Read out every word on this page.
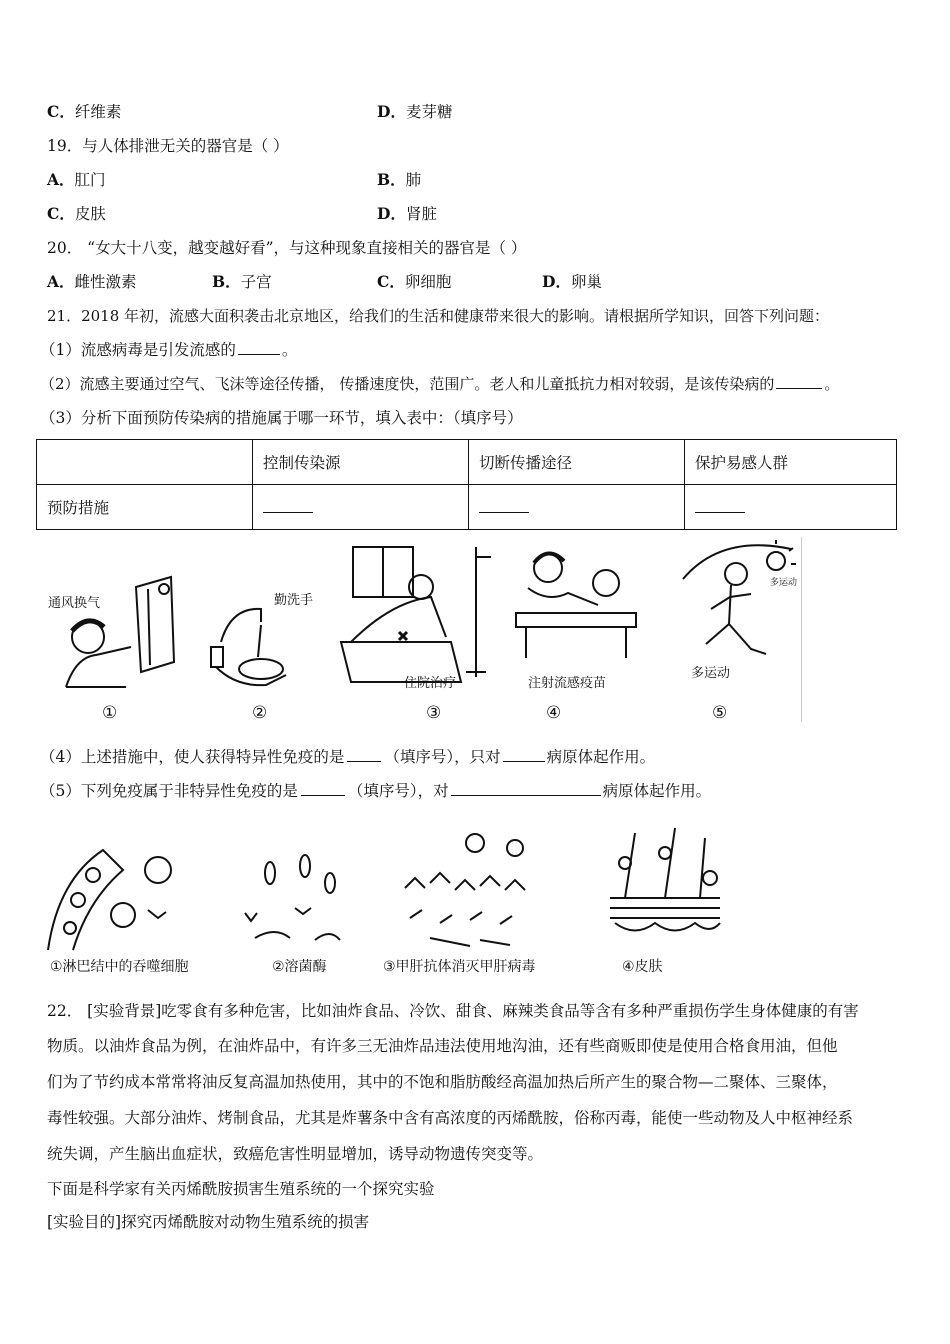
C．纤维素	D．麦芽糖
19．与人体排泄无关的器官是（ ）
A．肛门	B．肺
C．皮肤	D．肾脏
20． “女大十八变，越变越好看”，与这种现象直接相关的器官是（ ）
A．雌性激素	B．子宫	C．卵细胞	D．卵巢
21．2018 年初，流感大面积袭击北京地区，给我们的生活和健康带来很大的影响。请根据所学知识，回答下列问题：
（1）流感病毒是引发流感的	。
（2）流感主要通过空气、飞沫等途径传播， 传播速度快，范围广。老人和儿童抵抗力相对较弱，是该传染病的	。
（3）分析下面预防传染病的措施属于哪一环节，填入表中：（填序号）
	控制传染源	切断传播途径	保护易感人群
预防措施			
通风换气	勤洗手
住院治疗	注射流感疫苗
多运动
多运动
①	②	③	④	⑤
（4）上述措施中，使人获得特异性免疫的是	（填序号），只对	病原体起作用。
（5）下列免疫属于非特异性免疫的是	（填序号），对	病原体起作用。
①淋巴结中的吞噬细胞	②溶菌酶	③甲肝抗体消灭甲肝病毒	④皮肤
22． [实验背景]吃零食有多种危害，比如油炸食品、冷饮、甜食、麻辣类食品等含有多种严重损伤学生身体健康的有害
物质。以油炸食品为例，在油炸品中，有许多三无油炸品违法使用地沟油，还有些商贩即使是使用合格食用油，但他
们为了节约成本常常将油反复高温加热使用，其中的不饱和脂肪酸经高温加热后所产生的聚合物—二聚体、三聚体，
毒性较强。大部分油炸、烤制食品，尤其是炸薯条中含有高浓度的丙烯酰胺，俗称丙毒，能使一些动物及人中枢神经系
统失调，产生脑出血症状，致癌危害性明显增加，诱导动物遗传突变等。
下面是科学家有关丙烯酰胺损害生殖系统的一个探究实验
[实验目的]探究丙烯酰胺对动物生殖系统的损害
